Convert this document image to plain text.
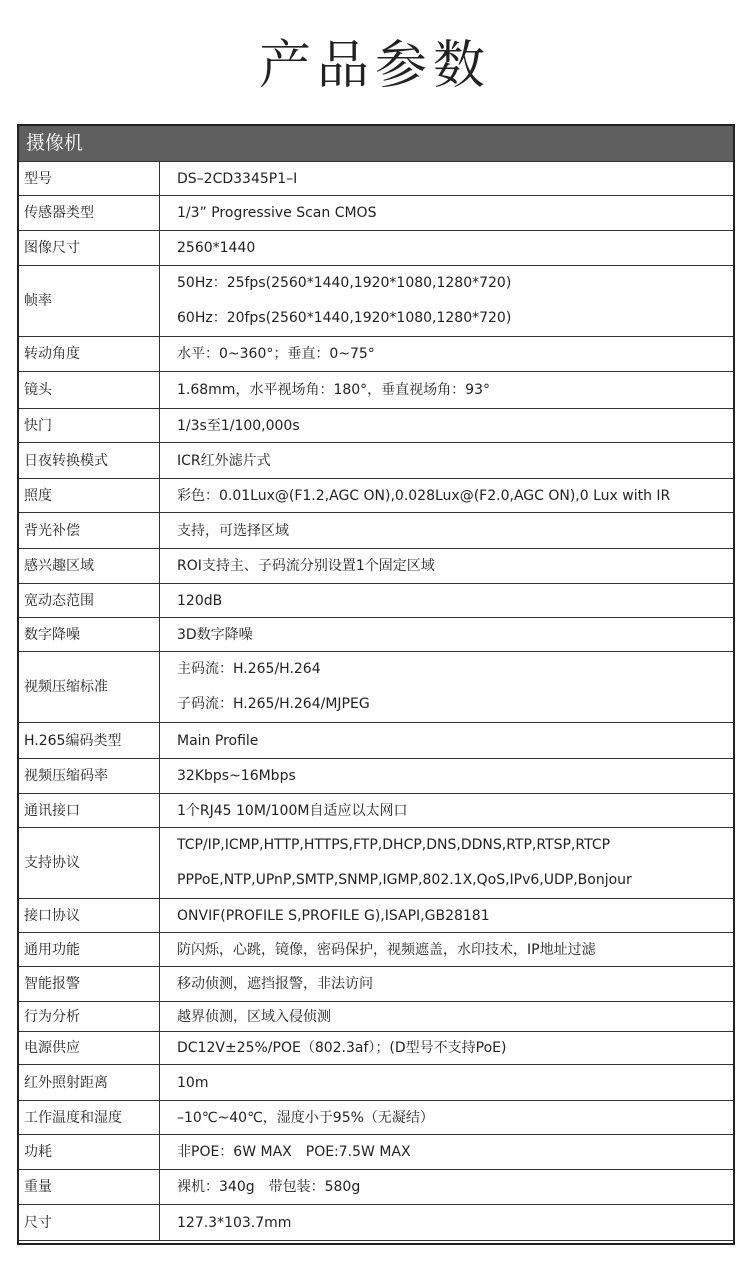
产品参数
摄像机	
型号	DS–2CD3345P1–I
传感器类型	1/3” Progressive Scan CMOS
图像尺寸	2560*1440
帧率	50Hz：25fps(2560*1440,1920*1080,1280*720)
60Hz：20fps(2560*1440,1920*1080,1280*720)

转动角度	水平：0~360°；垂直：0~75°
镜头	1.68mm，水平视场角：180°，垂直视场角：93°
快门	1/3s至1/100,000s
日夜转换模式	ICR红外滤片式
照度	彩色：0.01Lux@(F1.2,AGC ON),0.028Lux@(F2.0,AGC ON),0 Lux with IR
背光补偿	支持，可选择区域
感兴趣区域	ROI支持主、子码流分别设置1个固定区域
宽动态范围	120dB
数字降噪	3D数字降噪
视频压缩标准	主码流：H.265/H.264
子码流：H.265/H.264/MJPEG

H.265编码类型	Main Profile
视频压缩码率	32Kbps~16Mbps
通讯接口	1个RJ45 10M/100M自适应以太网口
支持协议	TCP/IP,ICMP,HTTP,HTTPS,FTP,DHCP,DNS,DDNS,RTP,RTSP,RTCP
PPPoE,NTP,UPnP,SMTP,SNMP,IGMP,802.1X,QoS,IPv6,UDP,Bonjour

接口协议	ONVIF(PROFILE S,PROFILE G),ISAPI,GB28181
通用功能	防闪烁，心跳，镜像，密码保护，视频遮盖，水印技术，IP地址过滤
智能报警	移动侦测，遮挡报警，非法访问
行为分析	越界侦测，区域入侵侦测
电源供应	DC12V±25%/POE（802.3af）；(D型号不支持PoE)
红外照射距离	10m
工作温度和湿度	–10℃~40℃，湿度小于95%（无凝结）
功耗	非POE：6W MAX　POE:7.5W MAX
重量	裸机：340g　带包装：580g
尺寸	127.3*103.7mm
